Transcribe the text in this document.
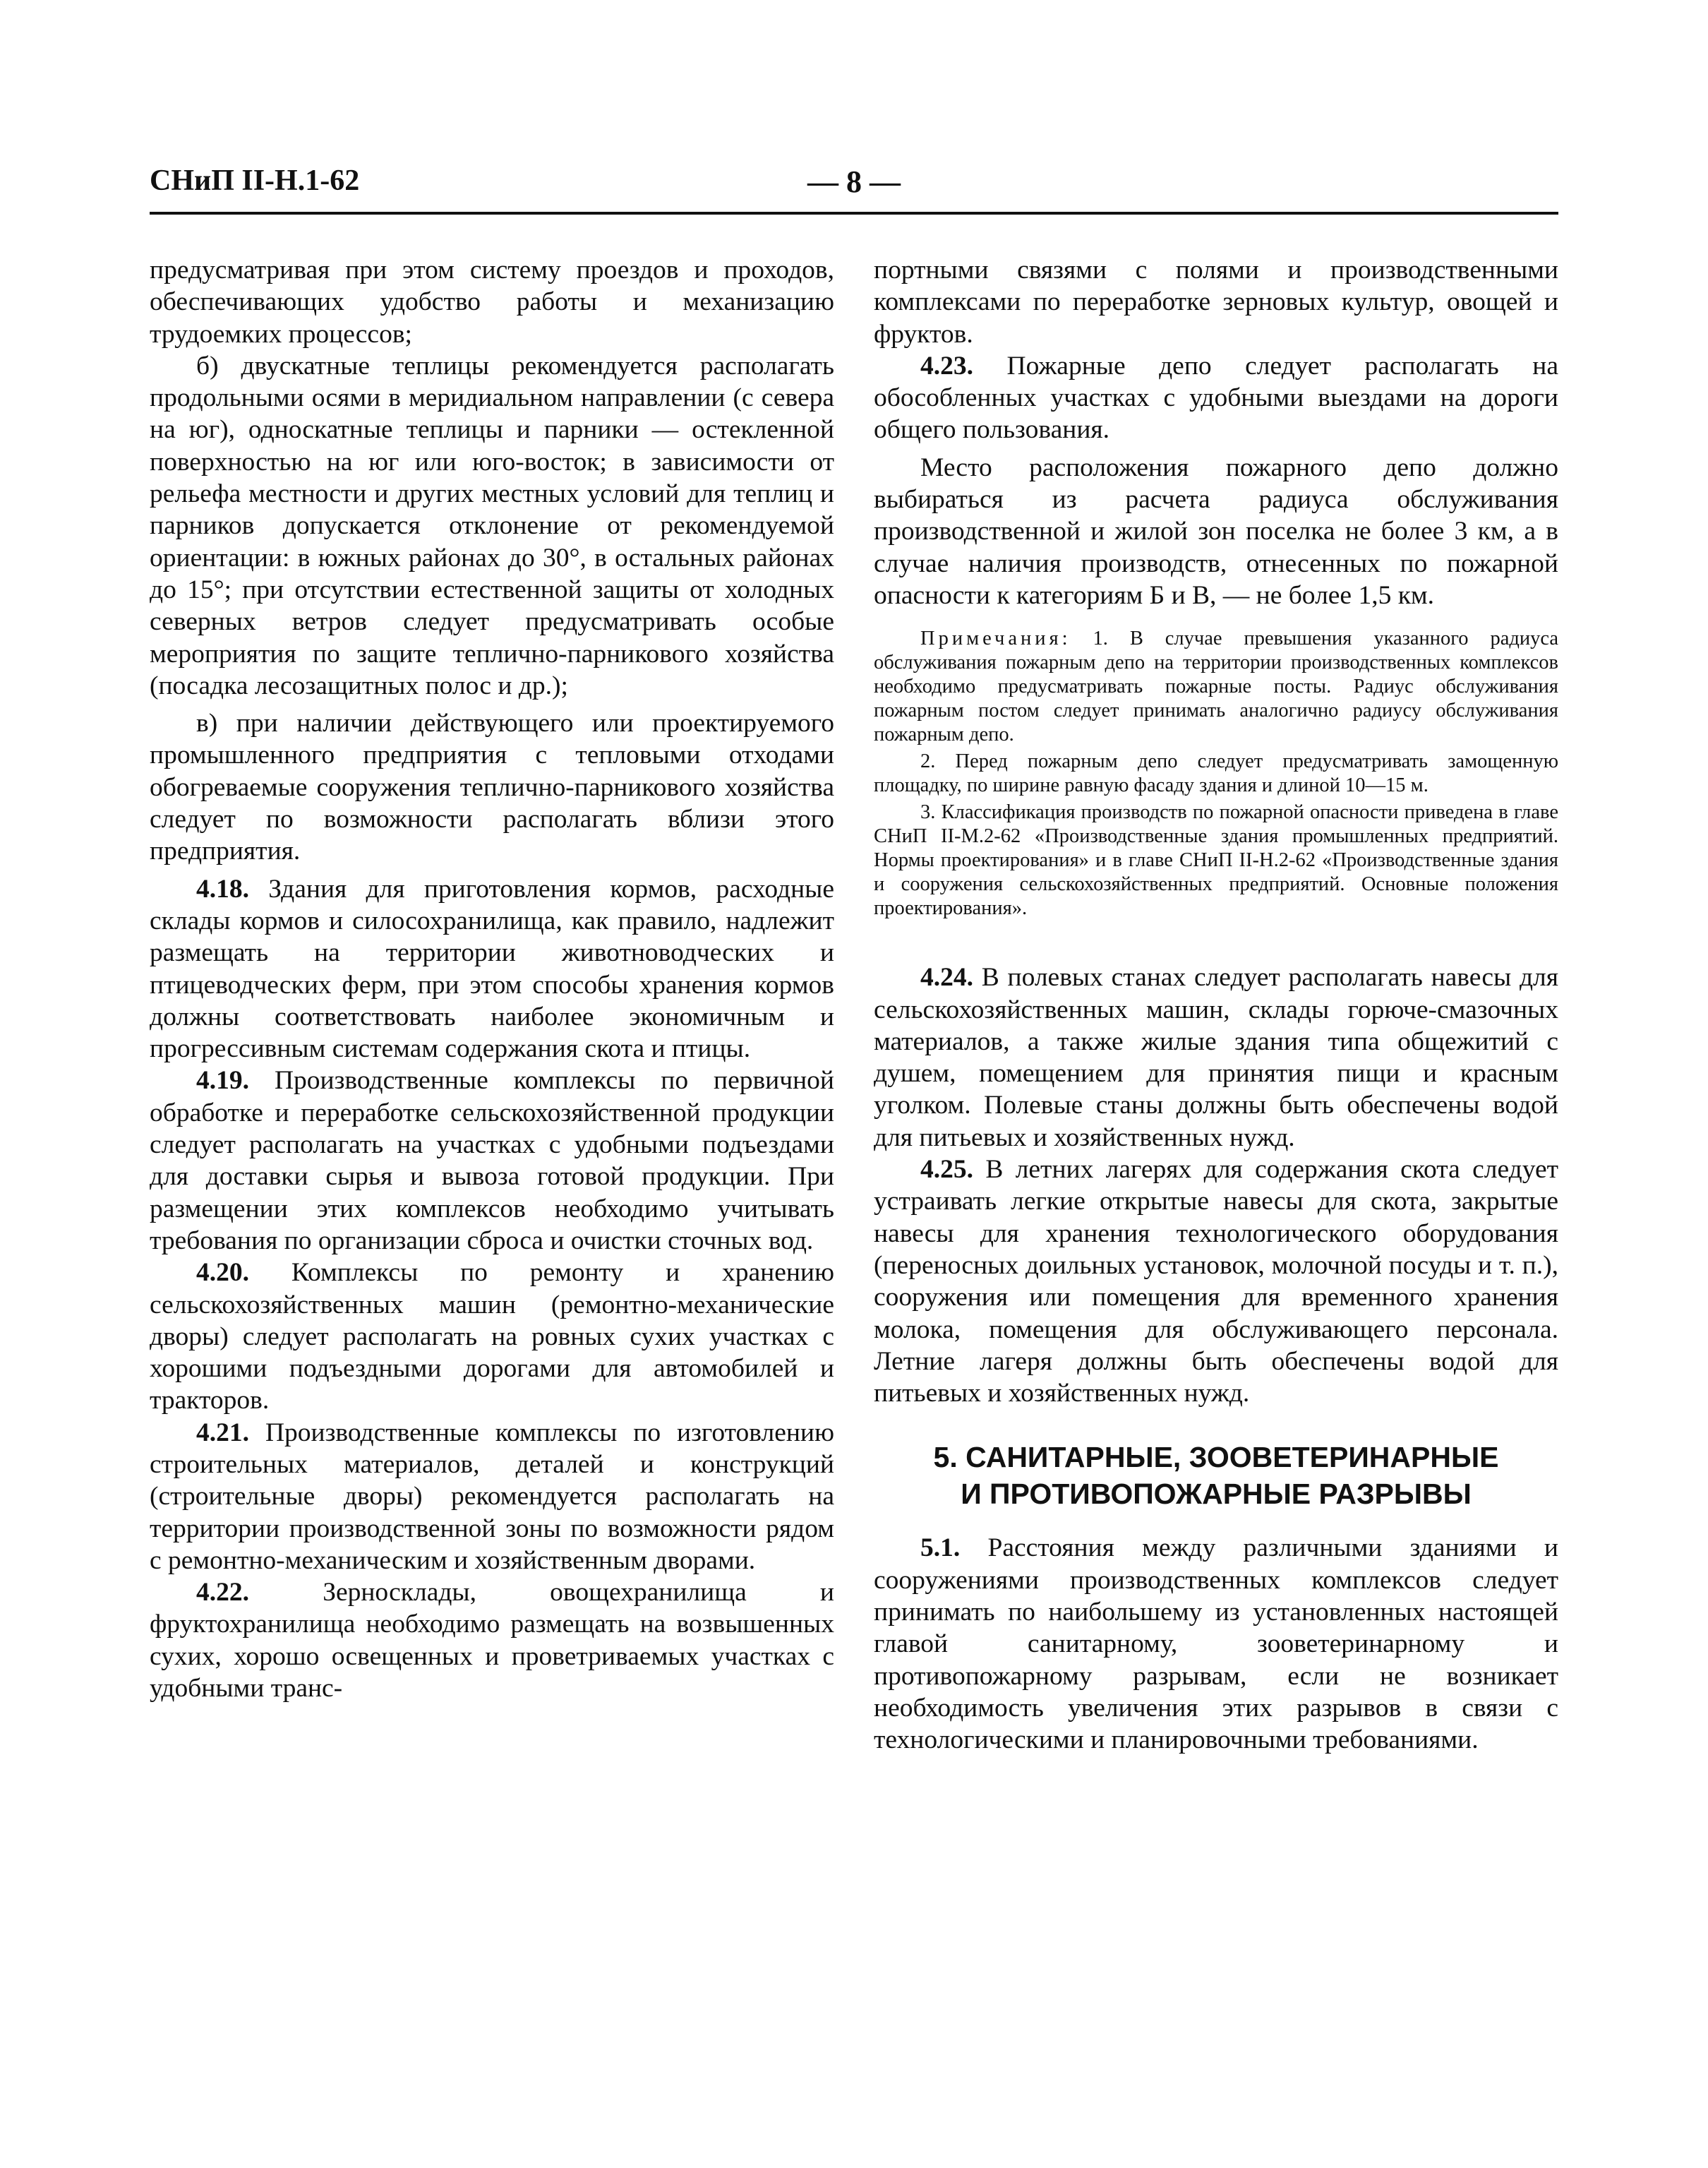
СНиП II-Н.1-62	— 8 —

предусматривая при этом систему проездов и проходов, обеспечивающих удобство работы и механизацию трудоемких процессов;

б) двускатные теплицы рекомендуется располагать продольными осями в меридиальном направлении (с севера на юг), односкатные теплицы и парники — остекленной поверхностью на юг или юго-восток; в зависимости от рельефа местности и других местных условий для теплиц и парников допускается отклонение от рекомендуемой ориентации: в южных районах до 30°, в остальных районах до 15°; при отсутствии естественной защиты от холодных северных ветров следует предусматривать особые мероприятия по защите теплично-парникового хозяйства (посадка лесозащитных полос и др.);

в) при наличии действующего или проектируемого промышленного предприятия с тепловыми отходами обогреваемые сооружения теплично-парникового хозяйства следует по возможности располагать вблизи этого предприятия.

4.18. Здания для приготовления кормов, расходные склады кормов и силосохранилища, как правило, надлежит размещать на территории животноводческих и птицеводческих ферм, при этом способы хранения кормов должны соответствовать наиболее экономичным и прогрессивным системам содержания скота и птицы.

4.19. Производственные комплексы по первичной обработке и переработке сельскохозяйственной продукции следует располагать на участках с удобными подъездами для доставки сырья и вывоза готовой продукции. При размещении этих комплексов необходимо учитывать требования по организации сброса и очистки сточных вод.

4.20. Комплексы по ремонту и хранению сельскохозяйственных машин (ремонтно-механические дворы) следует располагать на ровных сухих участках с хорошими подъездными дорогами для автомобилей и тракторов.

4.21. Производственные комплексы по изготовлению строительных материалов, деталей и конструкций (строительные дворы) рекомендуется располагать на территории производственной зоны по возможности рядом с ремонтно-механическим и хозяйственным дворами.

4.22.	Зерносклады, овощехранилища и фруктохранилища необходимо размещать на возвышенных сухих, хорошо освещенных и проветриваемых участках с удобными транс-

портными связями с полями и производственными комплексами по переработке зерновых культур, овощей и фруктов.

4.23. Пожарные депо следует располагать на обособленных участках с удобными выездами на дороги общего пользования.

Место расположения пожарного депо должно выбираться из расчета радиуса обслуживания производственной и жилой зон поселка не более 3 км, а в случае наличия производств, отнесенных по пожарной опасности к категориям Б и В, — не более 1,5 км.

Примечания: 1. В случае превышения указанного радиуса обслуживания пожарным депо на территории производственных комплексов необходимо предусматривать пожарные посты. Радиус обслуживания пожарным постом следует принимать аналогично радиусу обслуживания пожарным депо.

2. Перед пожарным депо следует предусматривать замощенную площадку, по ширине равную фасаду здания и длиной 10—15 м.

3. Классификация производств по пожарной опасности приведена в главе СНиП II-М.2-62 «Производственные здания промышленных предприятий. Нормы проектирования» и в главе СНиП II-Н.2-62 «Производственные здания и сооружения сельскохозяйственных предприятий. Основные положения проектирования».

4.24. В полевых станах следует располагать навесы для сельскохозяйственных машин, склады горюче-смазочных материалов, а также жилые здания типа общежитий с душем, помещением для принятия пищи и красным уголком. Полевые станы должны быть обеспечены водой для питьевых и хозяйственных нужд.

4.25. В летних лагерях для содержания скота следует устраивать легкие открытые навесы для скота, закрытые навесы для хранения технологического оборудования (переносных доильных установок, молочной посуды и т. п.), сооружения или помещения для временного хранения молока, помещения для обслуживающего персонала. Летние лагеря должны быть обеспечены водой для питьевых и хозяйственных нужд.

5. САНИТАРНЫЕ, ЗООВЕТЕРИНАРНЫЕ
И ПРОТИВОПОЖАРНЫЕ РАЗРЫВЫ

5.1. Расстояния между различными зданиями и сооружениями производственных комплексов следует принимать по наибольшему из установленных настоящей главой санитарному, зооветеринарному и противопожарному разрывам, если не возникает необходимость увеличения этих разрывов в связи с технологическими и планировочными требованиями.
